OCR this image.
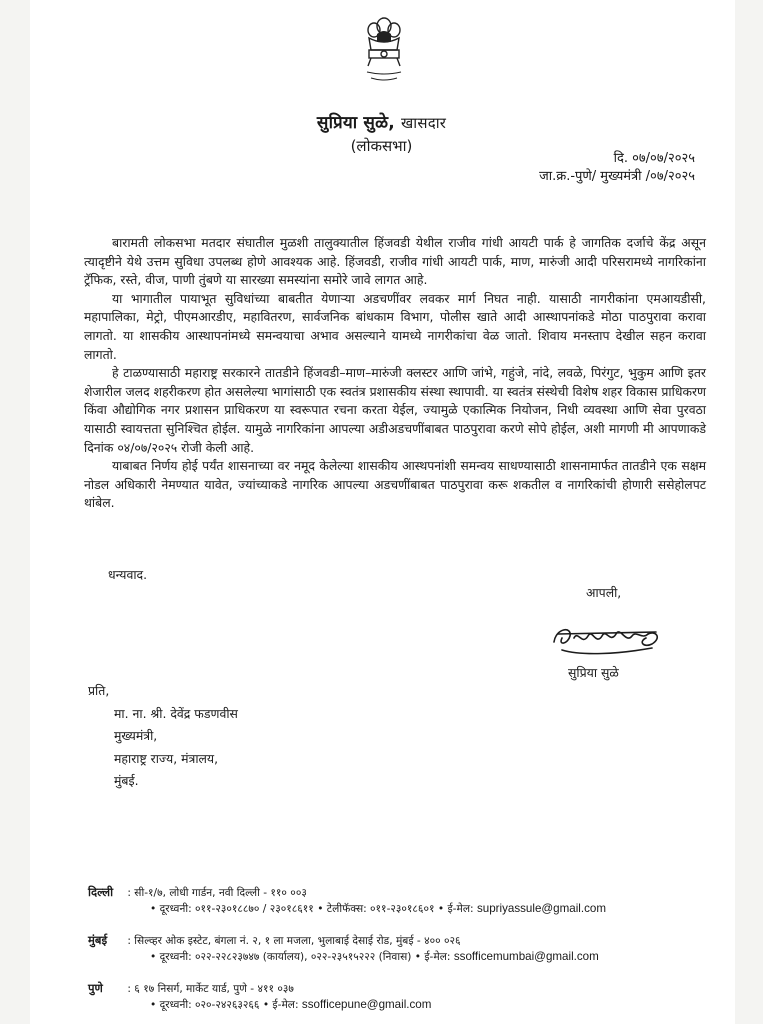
सुप्रिया सुळे, खासदार
(लोकसभा)
दि. ०७/०७/२०२५
जा.क्र.-पुणे/ मुख्यमंत्री /०७/२०२५

बारामती लोकसभा मतदार संघातील मुळशी तालुक्यातील हिंजवडी येथील राजीव गांधी आयटी पार्क हे जागतिक दर्जाचे केंद्र असून त्यादृष्टीने येथे उत्तम सुविधा उपलब्ध होणे आवश्यक आहे. हिंजवडी, राजीव गांधी आयटी पार्क, माण, मारुंजी आदी परिसरामध्ये नागरिकांना ट्रॅफिक, रस्ते, वीज, पाणी तुंबणे या सारख्या समस्यांना समोरे जावे लागत आहे.

या भागातील पायाभूत सुविधांच्या बाबतीत येणाऱ्या अडचणींवर लवकर मार्ग निघत नाही. यासाठी नागरीकांना एमआयडीसी, महापालिका, मेट्रो, पीएमआरडीए, महावितरण, सार्वजनिक बांधकाम विभाग, पोलीस खाते आदी आस्थापनांकडे मोठा पाठपुरावा करावा लागतो. या शासकीय आस्थापनांमध्ये समन्वयाचा अभाव असल्याने यामध्ये नागरीकांचा वेळ जातो. शिवाय मनस्ताप देखील सहन करावा लागतो.

हे टाळण्यासाठी महाराष्ट्र सरकारने तातडीने हिंजवडी–माण–मारुंजी क्लस्टर आणि जांभे, गहुंजे, नांदे, लवळे, पिरंगुट, भुकुम आणि इतर शेजारील जलद शहरीकरण होत असलेल्या भागांसाठी एक स्वतंत्र प्रशासकीय संस्था स्थापावी. या स्वतंत्र संस्थेची विशेष शहर विकास प्राधिकरण किंवा औद्योगिक नगर प्रशासन प्राधिकरण या स्वरूपात रचना करता येईल, ज्यामुळे एकात्मिक नियोजन, निधी व्यवस्था आणि सेवा पुरवठा यासाठी स्वायत्तता सुनिश्चित होईल. यामुळे नागरिकांना आपल्या अडीअडचणींबाबत पाठपुरावा करणे सोपे होईल, अशी मागणी मी आपणाकडे दिनांक ०४/०७/२०२५ रोजी केली आहे.

याबाबत निर्णय होई पर्यंत शासनाच्या वर नमूद केलेल्या शासकीय आस्थपनांशी समन्वय साधण्यासाठी शासनामार्फत तातडीने एक सक्षम नोडल अधिकारी नेमण्यात यावेत, ज्यांच्याकडे नागरिक आपल्या अडचणींबाबत पाठपुरावा करू शकतील व नागरिकांची होणारी ससेहोलपट थांबेल.

धन्यवाद.
आपली,
सुप्रिया सुळे
प्रति,
मा. ना. श्री. देवेंद्र फडणवीस
मुख्यमंत्री,
महाराष्ट्र राज्य, मंत्रालय,
मुंबई.
दिल्ली : सी-१/७, लोधी गार्डन, नवी दिल्ली - ११० ००३
• दूरध्वनी: ०११-२३०१८८७० / २३०१८६११ • टेलीफॅक्स: ०११-२३०१८६०१ • ई-मेल: supriyassule@gmail.com
मुंबई : सिल्व्हर ओक इस्टेट, बंगला नं. २, १ ला मजला, भुलाबाई देसाई रोड, मुंबई - ४०० ०२६
• दूरध्वनी: ०२२-२२८२३७४७ (कार्यालय), ०२२-२३५१५२२२ (निवास) • ई-मेल: ssofficemumbai@gmail.com
पुणे : ६ १७ निसर्ग, मार्केट यार्ड, पुणे - ४११ ०३७
• दूरध्वनी: ०२०-२४२६३२६६ • ई-मेल: ssofficepune@gmail.com
